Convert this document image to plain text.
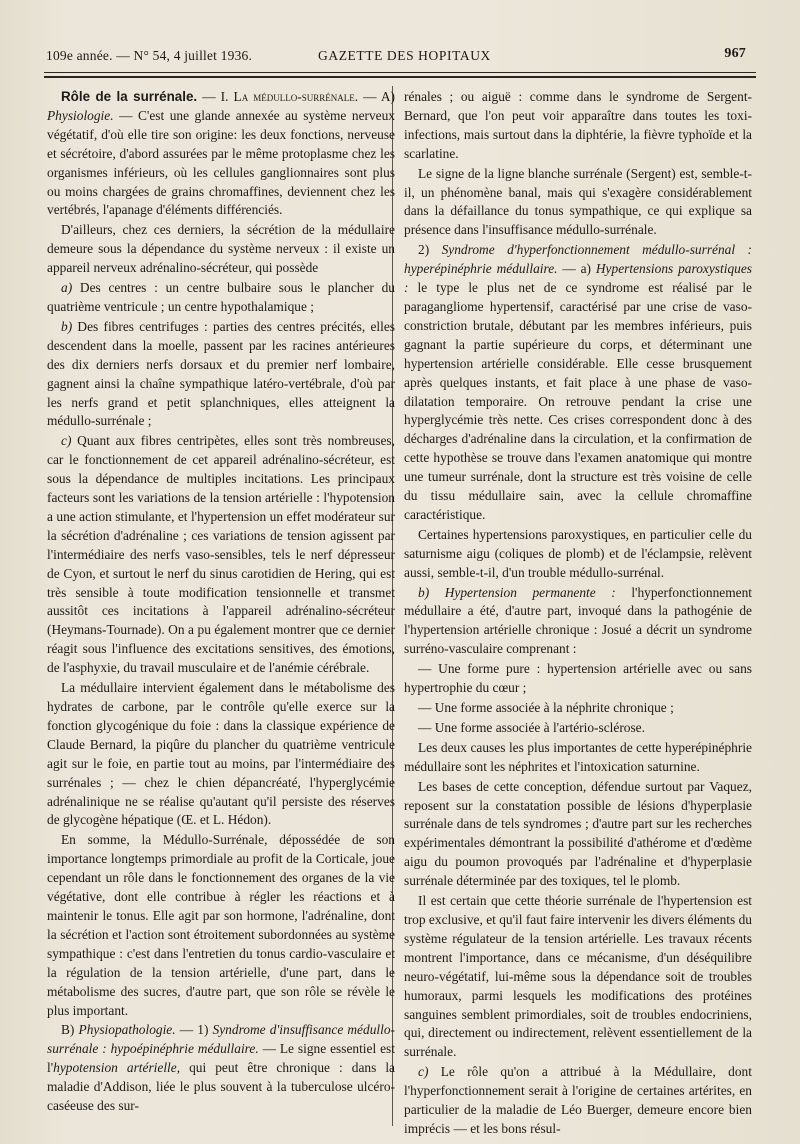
109e année. — N° 54, 4 juillet 1936.	GAZETTE DES HOPITAUX	967

Rôle de la surrénale. — I. La médullo-surrénale. — A) Physiologie. — C'est une glande annexée au système nerveux végétatif, d'où elle tire son origine: les deux fonctions, nerveuse et sécrétoire, d'abord assurées par le même protoplasme chez les organismes inférieurs, où les cellules ganglionnaires sont plus ou moins chargées de grains chromaffines, deviennent chez les vertébrés, l'apanage d'éléments différenciés.

D'ailleurs, chez ces derniers, la sécrétion de la médullaire demeure sous la dépendance du système nerveux : il existe un appareil nerveux adrénalino-sécréteur, qui possède

a) Des centres : un centre bulbaire sous le plancher du quatrième ventricule ; un centre hypothalamique ;

b) Des fibres centrifuges : parties des centres précités, elles descendent dans la moelle, passent par les racines antérieures des dix derniers nerfs dorsaux et du premier nerf lombaire, gagnent ainsi la chaîne sympathique latéro-vertébrale, d'où par les nerfs grand et petit splanchniques, elles atteignent la médullo-surrénale ;

c) Quant aux fibres centripètes, elles sont très nombreuses, car le fonctionnement de cet appareil adrénalino-sécréteur, est sous la dépendance de multiples incitations. Les principaux facteurs sont les variations de la tension artérielle : l'hypotension a une action stimulante, et l'hypertension un effet modérateur sur la sécrétion d'adrénaline ; ces variations de tension agissent par l'intermédiaire des nerfs vaso-sensibles, tels le nerf dépresseur de Cyon, et surtout le nerf du sinus carotidien de Hering, qui est très sensible à toute modification tensionnelle et transmet aussitôt ces incitations à l'appareil adrénalino-sécréteur (Heymans-Tournade). On a pu également montrer que ce dernier réagit sous l'influence des excitations sensitives, des émotions, de l'asphyxie, du travail musculaire et de l'anémie cérébrale.

La médullaire intervient également dans le métabolisme des hydrates de carbone, par le contrôle qu'elle exerce sur la fonction glycogénique du foie : dans la classique expérience de Claude Bernard, la piqûre du plancher du quatrième ventricule agit sur le foie, en partie tout au moins, par l'intermédiaire des surrénales ; — chez le chien dépancréaté, l'hyperglycémie adrénalinique ne se réalise qu'autant qu'il persiste des réserves de glycogène hépatique (Œ. et L. Hédon).

En somme, la Médullo-Surrénale, dépossédée de son importance longtemps primordiale au profit de la Corticale, joue cependant un rôle dans le fonctionnement des organes de la vie végétative, dont elle contribue à régler les réactions et à maintenir le tonus. Elle agit par son hormone, l'adrénaline, dont la sécrétion et l'action sont étroitement subordonnées au système sympathique : c'est dans l'entretien du tonus cardio-vasculaire et la régulation de la tension artérielle, d'une part, dans le métabolisme des sucres, d'autre part, que son rôle se révèle le plus important.

B) Physiopathologie. — 1) Syndrome d'insuffisance médullo-surrénale : hypoépinéphrie médullaire. — Le signe essentiel est l'hypotension artérielle, qui peut être chronique : dans la maladie d'Addison, liée le plus souvent à la tuberculose ulcéro-caséeuse des sur-

rénales ; ou aiguë : comme dans le syndrome de Sergent-Bernard, que l'on peut voir apparaître dans toutes les toxi-infections, mais surtout dans la diphtérie, la fièvre typhoïde et la scarlatine.

Le signe de la ligne blanche surrénale (Sergent) est, semble-t-il, un phénomène banal, mais qui s'exagère considérablement dans la défaillance du tonus sympathique, ce qui explique sa présence dans l'insuffisance médullo-surrénale.

2) Syndrome d'hyperfonctionnement médullo-surrénal : hyperépinéphrie médullaire. — a) Hypertensions paroxystiques : le type le plus net de ce syndrome est réalisé par le paragangliome hypertensif, caractérisé par une crise de vaso-constriction brutale, débutant par les membres inférieurs, puis gagnant la partie supérieure du corps, et déterminant une hypertension artérielle considérable. Elle cesse brusquement après quelques instants, et fait place à une phase de vaso-dilatation temporaire. On retrouve pendant la crise une hyperglycémie très nette. Ces crises correspondent donc à des décharges d'adrénaline dans la circulation, et la confirmation de cette hypothèse se trouve dans l'examen anatomique qui montre une tumeur surrénale, dont la structure est très voisine de celle du tissu médullaire sain, avec la cellule chromaffine caractéristique.

Certaines hypertensions paroxystiques, en particulier celle du saturnisme aigu (coliques de plomb) et de l'éclampsie, relèvent aussi, semble-t-il, d'un trouble médullo-surrénal.

b) Hypertension permanente : l'hyperfonctionnement médullaire a été, d'autre part, invoqué dans la pathogénie de l'hypertension artérielle chronique : Josué a décrit un syndrome surréno-vasculaire comprenant :

— Une forme pure : hypertension artérielle avec ou sans hypertrophie du cœur ;

— Une forme associée à la néphrite chronique ;

— Une forme associée à l'artério-sclérose.

Les deux causes les plus importantes de cette hyperépinéphrie médullaire sont les néphrites et l'intoxication saturnine.

Les bases de cette conception, défendue surtout par Vaquez, reposent sur la constatation possible de lésions d'hyperplasie surrénale dans de tels syndromes ; d'autre part sur les recherches expérimentales démontrant la possibilité d'athérome et d'œdème aigu du poumon provoqués par l'adrénaline et d'hyperplasie surrénale déterminée par des toxiques, tel le plomb.

Il est certain que cette théorie surrénale de l'hypertension est trop exclusive, et qu'il faut faire intervenir les divers éléments du système régulateur de la tension artérielle. Les travaux récents montrent l'importance, dans ce mécanisme, d'un déséquilibre neuro-végétatif, lui-même sous la dépendance soit de troubles humoraux, parmi lesquels les modifications des protéines sanguines semblent primordiales, soit de troubles endocriniens, qui, directement ou indirectement, relèvent essentiellement de la surrénale.

c) Le rôle qu'on a attribué à la Médullaire, dont l'hyperfonctionnement serait à l'origine de certaines artérites, en particulier de la maladie de Léo Buerger, demeure encore bien imprécis — et les bons résul-
